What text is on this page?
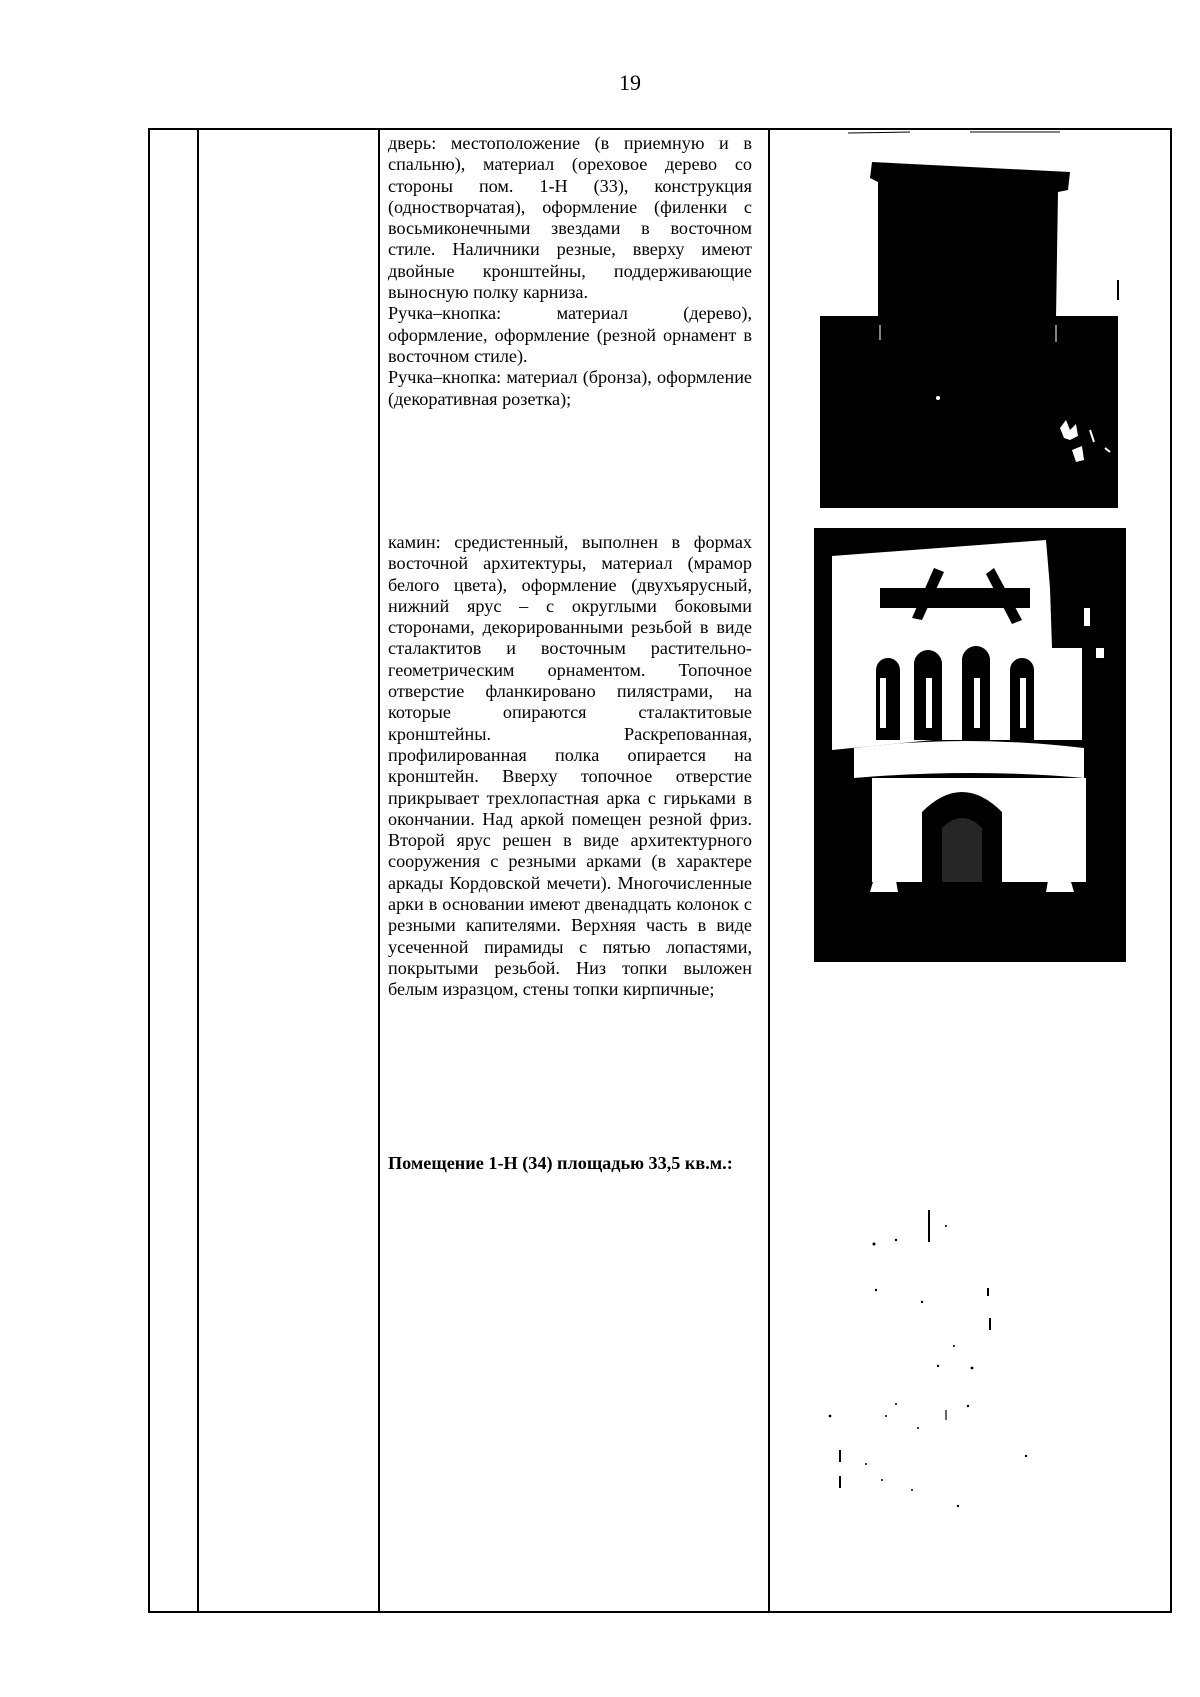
19

дверь: местоположение (в приемную и в спальню), материал (ореховое дерево со стороны пом. 1-Н (33), конструкция (одностворчатая), оформление (филенки с восьмиконечными звездами в восточном стиле. Наличники резные, вверху имеют двойные кронштейны, поддерживающие выносную полку карниза.

Ручка–кнопка: материал (дерево), оформление, оформление (резной орнамент в восточном стиле).

Ручка–кнопка: материал (бронза), оформление (декоративная розетка);

камин: средистенный, выполнен в формах восточной архитектуры, материал (мрамор белого цвета), оформление (двухъярусный, нижний ярус – с округлыми боковыми сторонами, декорированными резьбой в виде сталактитов и восточным растительно-геометрическим орнаментом. Топочное отверстие фланкировано пилястрами, на которые опираются сталактитовые кронштейны. Раскрепованная, профилированная полка опирается на кронштейн. Вверху топочное отверстие прикрывает трехлопастная арка с гирьками в окончании. Над аркой помещен резной фриз. Второй ярус решен в виде архитектурного сооружения с резными арками (в характере аркады Кордовской мечети). Многочисленные арки в основании имеют двенадцать колонок с резными капителями. Верхняя часть в виде усеченной пирамиды с пятью лопастями, покрытыми резьбой. Низ топки выложен белым изразцом, стены топки кирпичные;
Помещение 1-Н (34) площадью 33,5 кв.м.:
